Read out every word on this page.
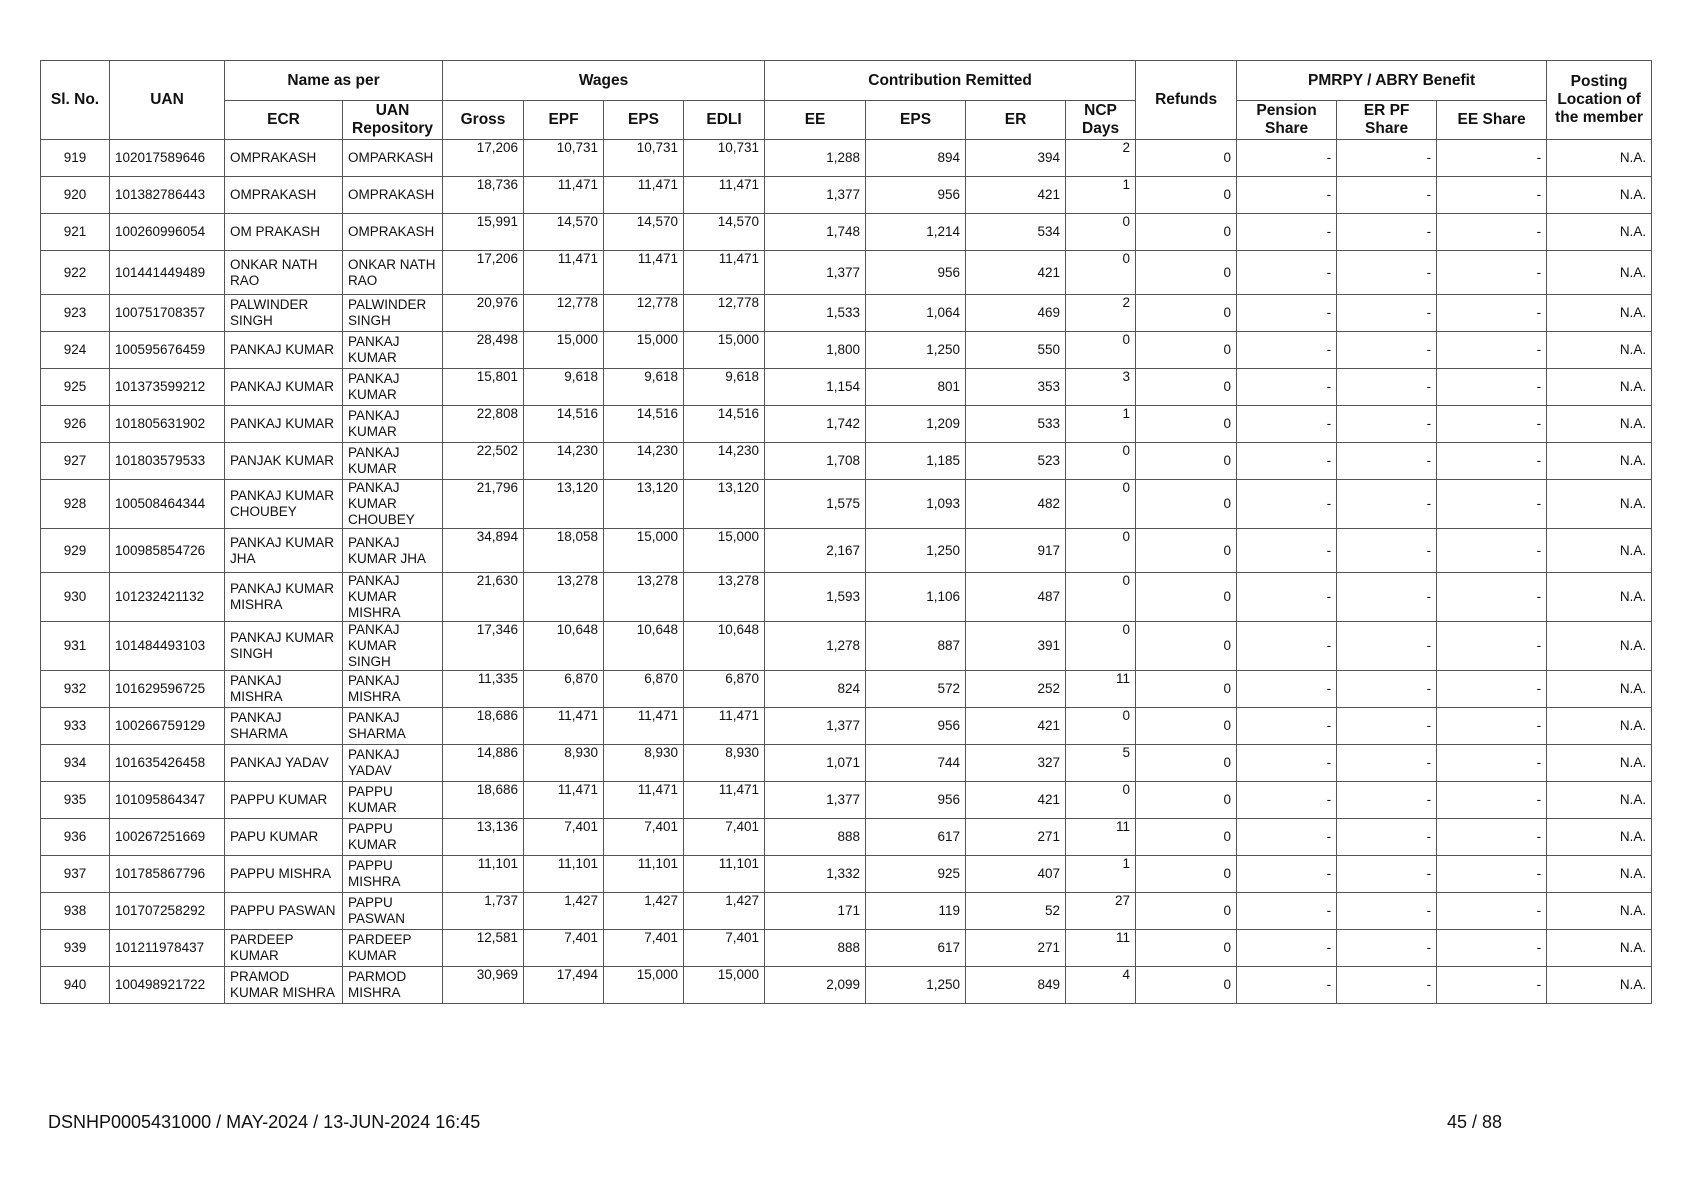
Sl. No.	UAN	Name as per		Wages				Contribution Remitted				Refunds	PMRPY / ABRY Benefit			Posting Location of the member
		ECR	UAN Repository	Gross	EPF	EPS	EDLI	EE	EPS	ER	NCP Days		Pension Share	ER PF Share	EE Share	
919	102017589646	OMPRAKASH	OMPARKASH	17,206	10,731	10,731	10,731	1,288	894	394	2	0	-	-	-	N.A.
920	101382786443	OMPRAKASH	OMPRAKASH	18,736	11,471	11,471	11,471	1,377	956	421	1	0	-	-	-	N.A.
921	100260996054	OM PRAKASH	OMPRAKASH	15,991	14,570	14,570	14,570	1,748	1,214	534	0	0	-	-	-	N.A.
922	101441449489	ONKAR NATH RAO	ONKAR NATH RAO	17,206	11,471	11,471	11,471	1,377	956	421	0	0	-	-	-	N.A.
923	100751708357	PALWINDER SINGH	PALWINDER SINGH	20,976	12,778	12,778	12,778	1,533	1,064	469	2	0	-	-	-	N.A.
924	100595676459	PANKAJ KUMAR	PANKAJ KUMAR	28,498	15,000	15,000	15,000	1,800	1,250	550	0	0	-	-	-	N.A.
925	101373599212	PANKAJ KUMAR	PANKAJ KUMAR	15,801	9,618	9,618	9,618	1,154	801	353	3	0	-	-	-	N.A.
926	101805631902	PANKAJ KUMAR	PANKAJ KUMAR	22,808	14,516	14,516	14,516	1,742	1,209	533	1	0	-	-	-	N.A.
927	101803579533	PANJAK KUMAR	PANKAJ KUMAR	22,502	14,230	14,230	14,230	1,708	1,185	523	0	0	-	-	-	N.A.
928	100508464344	PANKAJ KUMAR CHOUBEY	PANKAJ KUMAR CHOUBEY	21,796	13,120	13,120	13,120	1,575	1,093	482	0	0	-	-	-	N.A.
929	100985854726	PANKAJ KUMAR JHA	PANKAJ KUMAR JHA	34,894	18,058	15,000	15,000	2,167	1,250	917	0	0	-	-	-	N.A.
930	101232421132	PANKAJ KUMAR MISHRA	PANKAJ KUMAR MISHRA	21,630	13,278	13,278	13,278	1,593	1,106	487	0	0	-	-	-	N.A.
931	101484493103	PANKAJ KUMAR SINGH	PANKAJ KUMAR SINGH	17,346	10,648	10,648	10,648	1,278	887	391	0	0	-	-	-	N.A.
932	101629596725	PANKAJ MISHRA	PANKAJ MISHRA	11,335	6,870	6,870	6,870	824	572	252	11	0	-	-	-	N.A.
933	100266759129	PANKAJ SHARMA	PANKAJ SHARMA	18,686	11,471	11,471	11,471	1,377	956	421	0	0	-	-	-	N.A.
934	101635426458	PANKAJ YADAV	PANKAJ YADAV	14,886	8,930	8,930	8,930	1,071	744	327	5	0	-	-	-	N.A.
935	101095864347	PAPPU KUMAR	PAPPU KUMAR	18,686	11,471	11,471	11,471	1,377	956	421	0	0	-	-	-	N.A.
936	100267251669	PAPU KUMAR	PAPPU KUMAR	13,136	7,401	7,401	7,401	888	617	271	11	0	-	-	-	N.A.
937	101785867796	PAPPU MISHRA	PAPPU MISHRA	11,101	11,101	11,101	11,101	1,332	925	407	1	0	-	-	-	N.A.
938	101707258292	PAPPU PASWAN	PAPPU PASWAN	1,737	1,427	1,427	1,427	171	119	52	27	0	-	-	-	N.A.
939	101211978437	PARDEEP KUMAR	PARDEEP KUMAR	12,581	7,401	7,401	7,401	888	617	271	11	0	-	-	-	N.A.
940	100498921722	PRAMOD KUMAR MISHRA	PARMOD MISHRA	30,969	17,494	15,000	15,000	2,099	1,250	849	4	0	-	-	-	N.A.
DSNHP0005431000 / MAY-2024 / 13-JUN-2024 16:45	45 / 88
